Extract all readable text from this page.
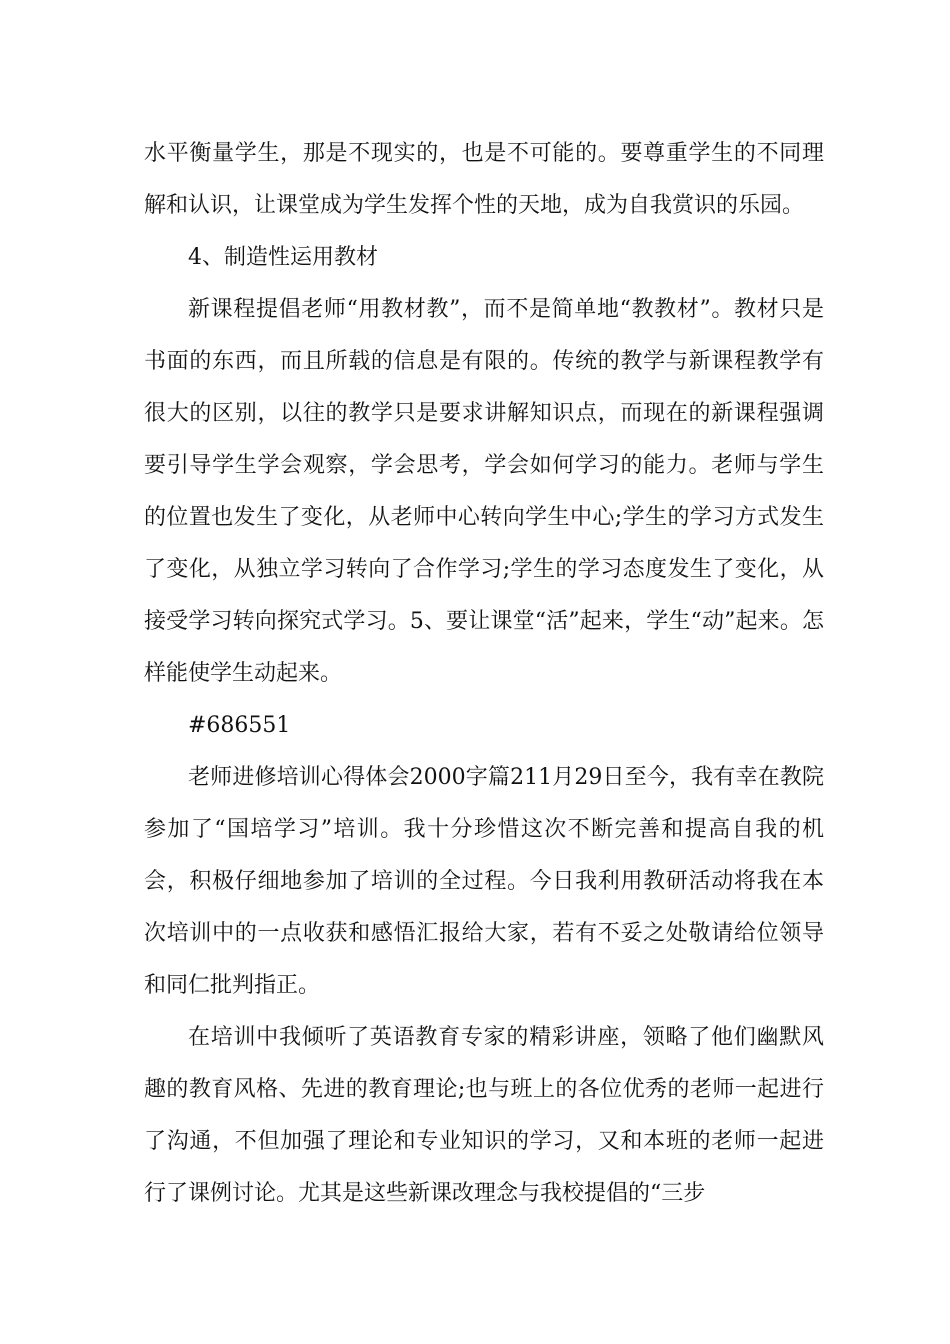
水平衡量学生，那是不现实的，也是不可能的。要尊重学生的不同理解和认识，让课堂成为学生发挥个性的天地，成为自我赏识的乐园。

4、制造性运用教材

新课程提倡老师“用教材教”，而不是简单地“教教材”。教材只是书面的东西，而且所载的信息是有限的。传统的教学与新课程教学有很大的区别，以往的教学只是要求讲解知识点，而现在的新课程强调要引导学生学会观察，学会思考，学会如何学习的能力。老师与学生的位置也发生了变化，从老师中心转向学生中心;学生的学习方式发生了变化，从独立学习转向了合作学习;学生的学习态度发生了变化，从接受学习转向探究式学习。5、要让课堂“活”起来，学生“动”起来。怎样能使学生动起来。

#686551

老师进修培训心得体会2000字篇211月29日至今，我有幸在教院参加了“国培学习”培训。我十分珍惜这次不断完善和提高自我的机会，积极仔细地参加了培训的全过程。今日我利用教研活动将我在本次培训中的一点收获和感悟汇报给大家，若有不妥之处敬请给位领导和同仁批判指正。

在培训中我倾听了英语教育专家的精彩讲座，领略了他们幽默风趣的教育风格、先进的教育理论;也与班上的各位优秀的老师一起进行了沟通，不但加强了理论和专业知识的学习，又和本班的老师一起进行了课例讨论。尤其是这些新课改理念与我校提倡的“三步
